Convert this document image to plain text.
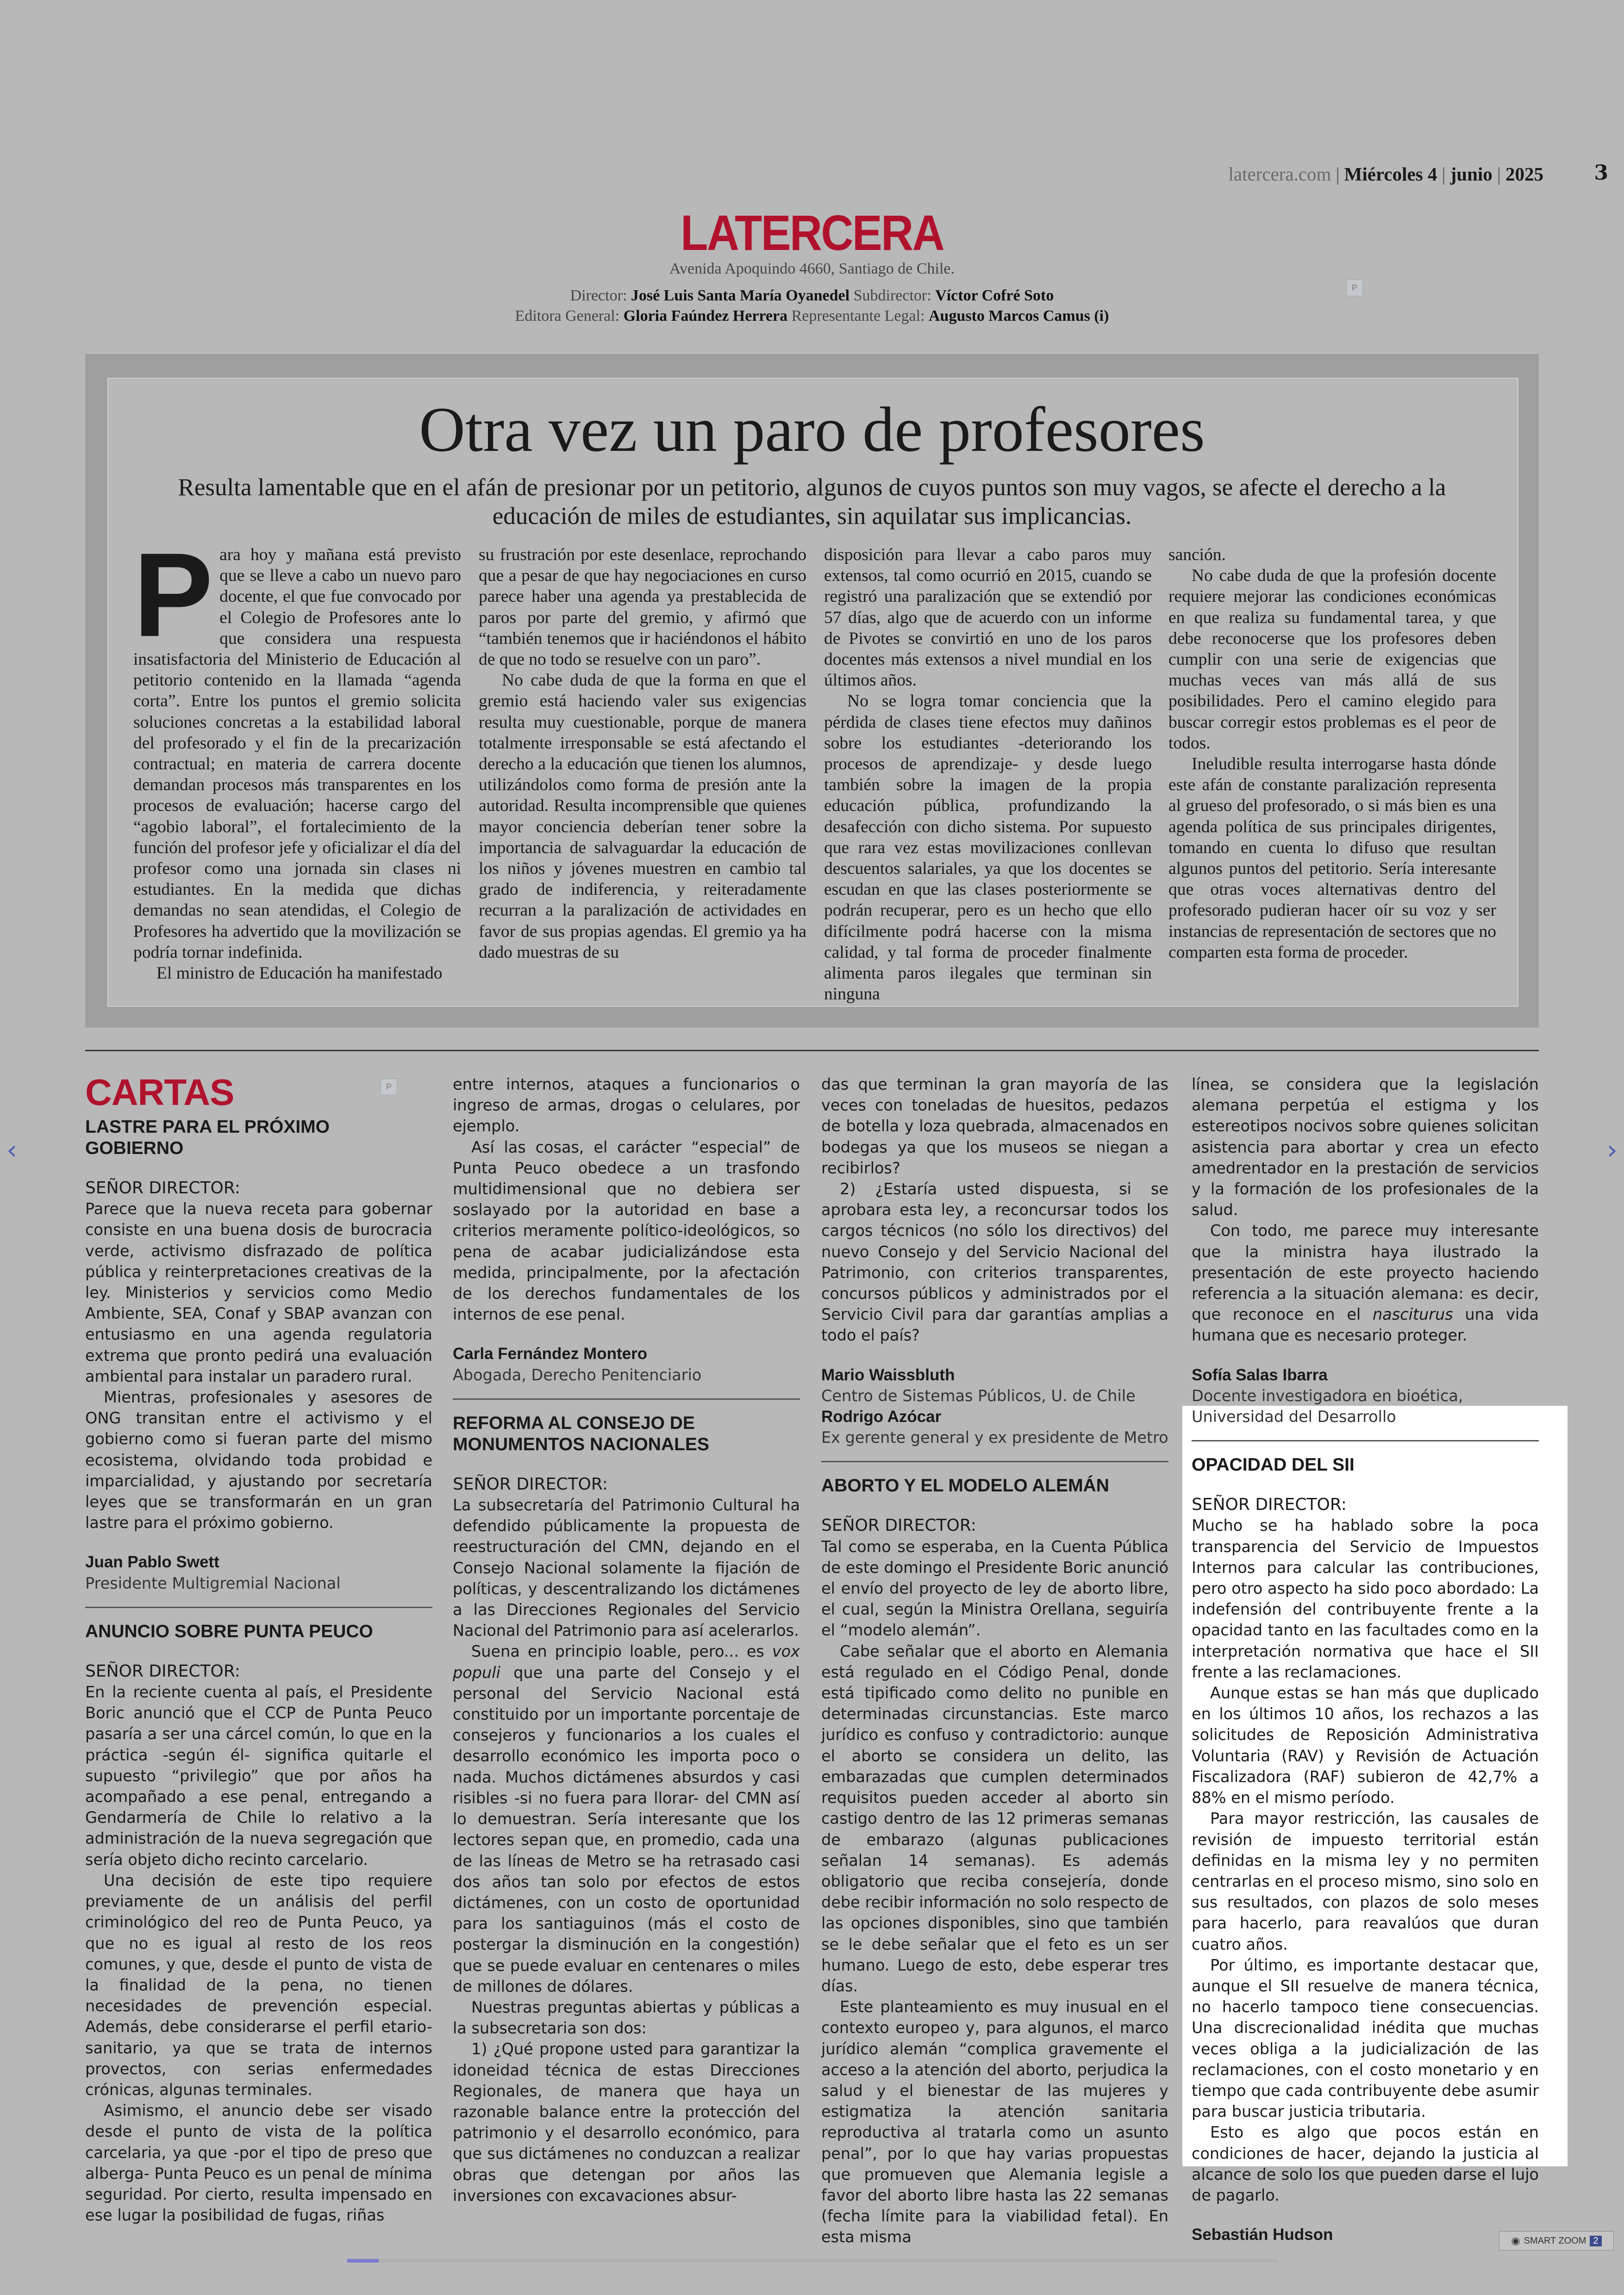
latercera.com | Miércoles 4 | junio | 2025 3
LATERCERA
Avenida Apoquindo 4660, Santiago de Chile.
Director: José Luis Santa María Oyanedel Subdirector: Víctor Cofré Soto
Editora General: Gloria Faúndez Herrera Representante Legal: Augusto Marcos Camus (i)
P
Otra vez un paro de profesores
Resulta lamentable que en el afán de presionar por un petitorio, algunos de cuyos puntos son muy vagos, se afecte el derecho a la educación de miles de estudiantes, sin aquilatar sus implicancias.

Para hoy y mañana está previsto que se lleve a cabo un nuevo paro docente, el que fue convocado por el Colegio de Profesores ante lo que considera una respuesta insatisfactoria del Ministerio de Educación al petitorio contenido en la llamada “agenda corta”. Entre los puntos el gremio solicita soluciones concretas a la estabilidad laboral del profesorado y el fin de la precarización contractual; en materia de carrera docente demandan procesos más transparentes en los procesos de evaluación; hacerse cargo del “agobio laboral”, el fortalecimiento de la función del profesor jefe y oficializar el día del profesor como una jornada sin clases ni estudiantes. En la medida que dichas demandas no sean atendidas, el Colegio de Profesores ha advertido que la movilización se podría tornar indefinida.

El ministro de Educación ha manifestado

su frustración por este desenlace, reprochando que a pesar de que hay negociaciones en curso parece haber una agenda ya prestablecida de paros por parte del gremio, y afirmó que “también tenemos que ir haciéndonos el hábito de que no todo se resuelve con un paro”.

No cabe duda de que la forma en que el gremio está haciendo valer sus exigencias resulta muy cuestionable, porque de manera totalmente irresponsable se está afectando el derecho a la educación que tienen los alumnos, utilizándolos como forma de presión ante la autoridad. Resulta incomprensible que quienes mayor conciencia deberían tener sobre la importancia de salvaguardar la educación de los niños y jóvenes muestren en cambio tal grado de indiferencia, y reiteradamente recurran a la paralización de actividades en favor de sus propias agendas. El gremio ya ha dado muestras de su

disposición para llevar a cabo paros muy extensos, tal como ocurrió en 2015, cuando se registró una paralización que se extendió por 57 días, algo que de acuerdo con un informe de Pivotes se convirtió en uno de los paros docentes más extensos a nivel mundial en los últimos años.

No se logra tomar conciencia que la pérdida de clases tiene efectos muy dañinos sobre los estudiantes -deteriorando los procesos de aprendizaje- y desde luego también sobre la imagen de la propia educación pública, profundizando la desafección con dicho sistema. Por supuesto que rara vez estas movilizaciones conllevan descuentos salariales, ya que los docentes se escudan en que las clases posteriormente se podrán recuperar, pero es un hecho que ello difícilmente podrá hacerse con la misma calidad, y tal forma de proceder finalmente alimenta paros ilegales que terminan sin ninguna

sanción.

No cabe duda de que la profesión docente requiere mejorar las condiciones económicas en que realiza su fundamental tarea, y que debe reconocerse que los profesores deben cumplir con una serie de exigencias que muchas veces van más allá de sus posibilidades. Pero el camino elegido para buscar corregir estos problemas es el peor de todos.

Ineludible resulta interrogarse hasta dónde este afán de constante paralización representa al grueso del profesorado, o si más bien es una agenda política de sus principales dirigentes, tomando en cuenta lo difuso que resultan algunos puntos del petitorio. Sería interesante que otras voces alternativas dentro del profesorado pudieran hacer oír su voz y ser instancias de representación de sectores que no comparten esta forma de proceder.

P
CARTAS
LASTRE PARA EL PRÓXIMO GOBIERNO

SEÑOR DIRECTOR:

Parece que la nueva receta para gobernar consiste en una buena dosis de burocracia verde, activismo disfrazado de política pública y reinterpretaciones creativas de la ley. Ministerios y servicios como Medio Ambiente, SEA, Conaf y SBAP avanzan con entusiasmo en una agenda regulatoria extrema que pronto pedirá una evaluación ambiental para instalar un paradero rural.

Mientras, profesionales y asesores de ONG transitan entre el activismo y el gobierno como si fueran parte del mismo ecosistema, olvidando toda probidad e imparcialidad, y ajustando por secretaría leyes que se transformarán en un gran lastre para el próximo gobierno.

Juan Pablo Swett

Presidente Multigremial Nacional

ANUNCIO SOBRE PUNTA PEUCO

SEÑOR DIRECTOR:

En la reciente cuenta al país, el Presidente Boric anunció que el CCP de Punta Peuco pasaría a ser una cárcel común, lo que en la práctica -según él- significa quitarle el supuesto “privilegio” que por años ha acompañado a ese penal, entregando a Gendarmería de Chile lo relativo a la administración de la nueva segregación que sería objeto dicho recinto carcelario.

Una decisión de este tipo requiere previamente de un análisis del perfil criminológico del reo de Punta Peuco, ya que no es igual al resto de los reos comunes, y que, desde el punto de vista de la finalidad de la pena, no tienen necesidades de prevención especial. Además, debe considerarse el perfil etario-sanitario, ya que se trata de internos provectos, con serias enfermedades crónicas, algunas terminales.

Asimismo, el anuncio debe ser visado desde el punto de vista de la política carcelaria, ya que -por el tipo de preso que alberga- Punta Peuco es un penal de mínima seguridad. Por cierto, resulta impensado en ese lugar la posibilidad de fugas, riñas

entre internos, ataques a funcionarios o ingreso de armas, drogas o celulares, por ejemplo.

Así las cosas, el carácter “especial” de Punta Peuco obedece a un trasfondo multidimensional que no debiera ser soslayado por la autoridad en base a criterios meramente político-ideológicos, so pena de acabar judicializándose esta medida, principalmente, por la afectación de los derechos fundamentales de los internos de ese penal.

Carla Fernández Montero

Abogada, Derecho Penitenciario

REFORMA AL CONSEJO DE MONUMENTOS NACIONALES

SEÑOR DIRECTOR:

La subsecretaría del Patrimonio Cultural ha defendido públicamente la propuesta de reestructuración del CMN, dejando en el Consejo Nacional solamente la fijación de políticas, y descentralizando los dictámenes a las Direcciones Regionales del Servicio Nacional del Patrimonio para así acelerarlos.

Suena en principio loable, pero... es vox populi que una parte del Consejo y el personal del Servicio Nacional está constituido por un importante porcentaje de consejeros y funcionarios a los cuales el desarrollo económico les importa poco o nada. Muchos dictámenes absurdos y casi risibles -si no fuera para llorar- del CMN así lo demuestran. Sería interesante que los lectores sepan que, en promedio, cada una de las líneas de Metro se ha retrasado casi dos años tan solo por efectos de estos dictámenes, con un costo de oportunidad para los santiaguinos (más el costo de postergar la disminución en la congestión) que se puede evaluar en centenares o miles de millones de dólares.

Nuestras preguntas abiertas y públicas a la subsecretaria son dos:

1) ¿Qué propone usted para garantizar la idoneidad técnica de estas Direcciones Regionales, de manera que haya un razonable balance entre la protección del patrimonio y el desarrollo económico, para que sus dictámenes no conduzcan a realizar obras que detengan por años las inversiones con excavaciones absur-

das que terminan la gran mayoría de las veces con toneladas de huesitos, pedazos de botella y loza quebrada, almacenados en bodegas ya que los museos se niegan a recibirlos?

2) ¿Estaría usted dispuesta, si se aprobara esta ley, a reconcursar todos los cargos técnicos (no sólo los directivos) del nuevo Consejo y del Servicio Nacional del Patrimonio, con criterios transparentes, concursos públicos y administrados por el Servicio Civil para dar garantías amplias a todo el país?

Mario Waissbluth

Centro de Sistemas Públicos, U. de Chile

Rodrigo Azócar

Ex gerente general y ex presidente de Metro

ABORTO Y EL MODELO ALEMÁN

SEÑOR DIRECTOR:

Tal como se esperaba, en la Cuenta Pública de este domingo el Presidente Boric anunció el envío del proyecto de ley de aborto libre, el cual, según la Ministra Orellana, seguiría el “modelo alemán”.

Cabe señalar que el aborto en Alemania está regulado en el Código Penal, donde está tipificado como delito no punible en determinadas circunstancias. Este marco jurídico es confuso y contradictorio: aunque el aborto se considera un delito, las embarazadas que cumplen determinados requisitos pueden acceder al aborto sin castigo dentro de las 12 primeras semanas de embarazo (algunas publicaciones señalan 14 semanas). Es además obligatorio que reciba consejería, donde debe recibir información no solo respecto de las opciones disponibles, sino que también se le debe señalar que el feto es un ser humano. Luego de esto, debe esperar tres días.

Este planteamiento es muy inusual en el contexto europeo y, para algunos, el marco jurídico alemán “complica gravemente el acceso a la atención del aborto, perjudica la salud y el bienestar de las mujeres y estigmatiza la atención sanitaria reproductiva al tratarla como un asunto penal”, por lo que hay varias propuestas que promueven que Alemania legisle a favor del aborto libre hasta las 22 semanas (fecha límite para la viabilidad fetal). En esta misma

línea, se considera que la legislación alemana perpetúa el estigma y los estereotipos nocivos sobre quienes solicitan asistencia para abortar y crea un efecto amedrentador en la prestación de servicios y la formación de los profesionales de la salud.

Con todo, me parece muy interesante que la ministra haya ilustrado la presentación de este proyecto haciendo referencia a la situación alemana: es decir, que reconoce en el nasciturus una vida humana que es necesario proteger.

Sofía Salas Ibarra

Docente investigadora en bioética, Universidad del Desarrollo

OPACIDAD DEL SII

SEÑOR DIRECTOR:

Mucho se ha hablado sobre la poca transparencia del Servicio de Impuestos Internos para calcular las contribuciones, pero otro aspecto ha sido poco abordado: La indefensión del contribuyente frente a la opacidad tanto en las facultades como en la interpretación normativa que hace el SII frente a las reclamaciones.

Aunque estas se han más que duplicado en los últimos 10 años, los rechazos a las solicitudes de Reposición Administrativa Voluntaria (RAV) y Revisión de Actuación Fiscalizadora (RAF) subieron de 42,7% a 88% en el mismo período.

Para mayor restricción, las causales de revisión de impuesto territorial están definidas en la misma ley y no permiten centrarlas en el proceso mismo, sino solo en sus resultados, con plazos de solo meses para hacerlo, para reavalúos que duran cuatro años.

Por último, es importante destacar que, aunque el SII resuelve de manera técnica, no hacerlo tampoco tiene consecuencias. Una discrecionalidad inédita que muchas veces obliga a la judicialización de las reclamaciones, con el costo monetario y en tiempo que cada contribuyente debe asumir para buscar justicia tributaria.

Esto es algo que pocos están en condiciones de hacer, dejando la justicia al alcance de solo los que pueden darse el lujo de pagarlo.

Sebastián Hudson

‹	›
◉ SMART ZOOM 2
